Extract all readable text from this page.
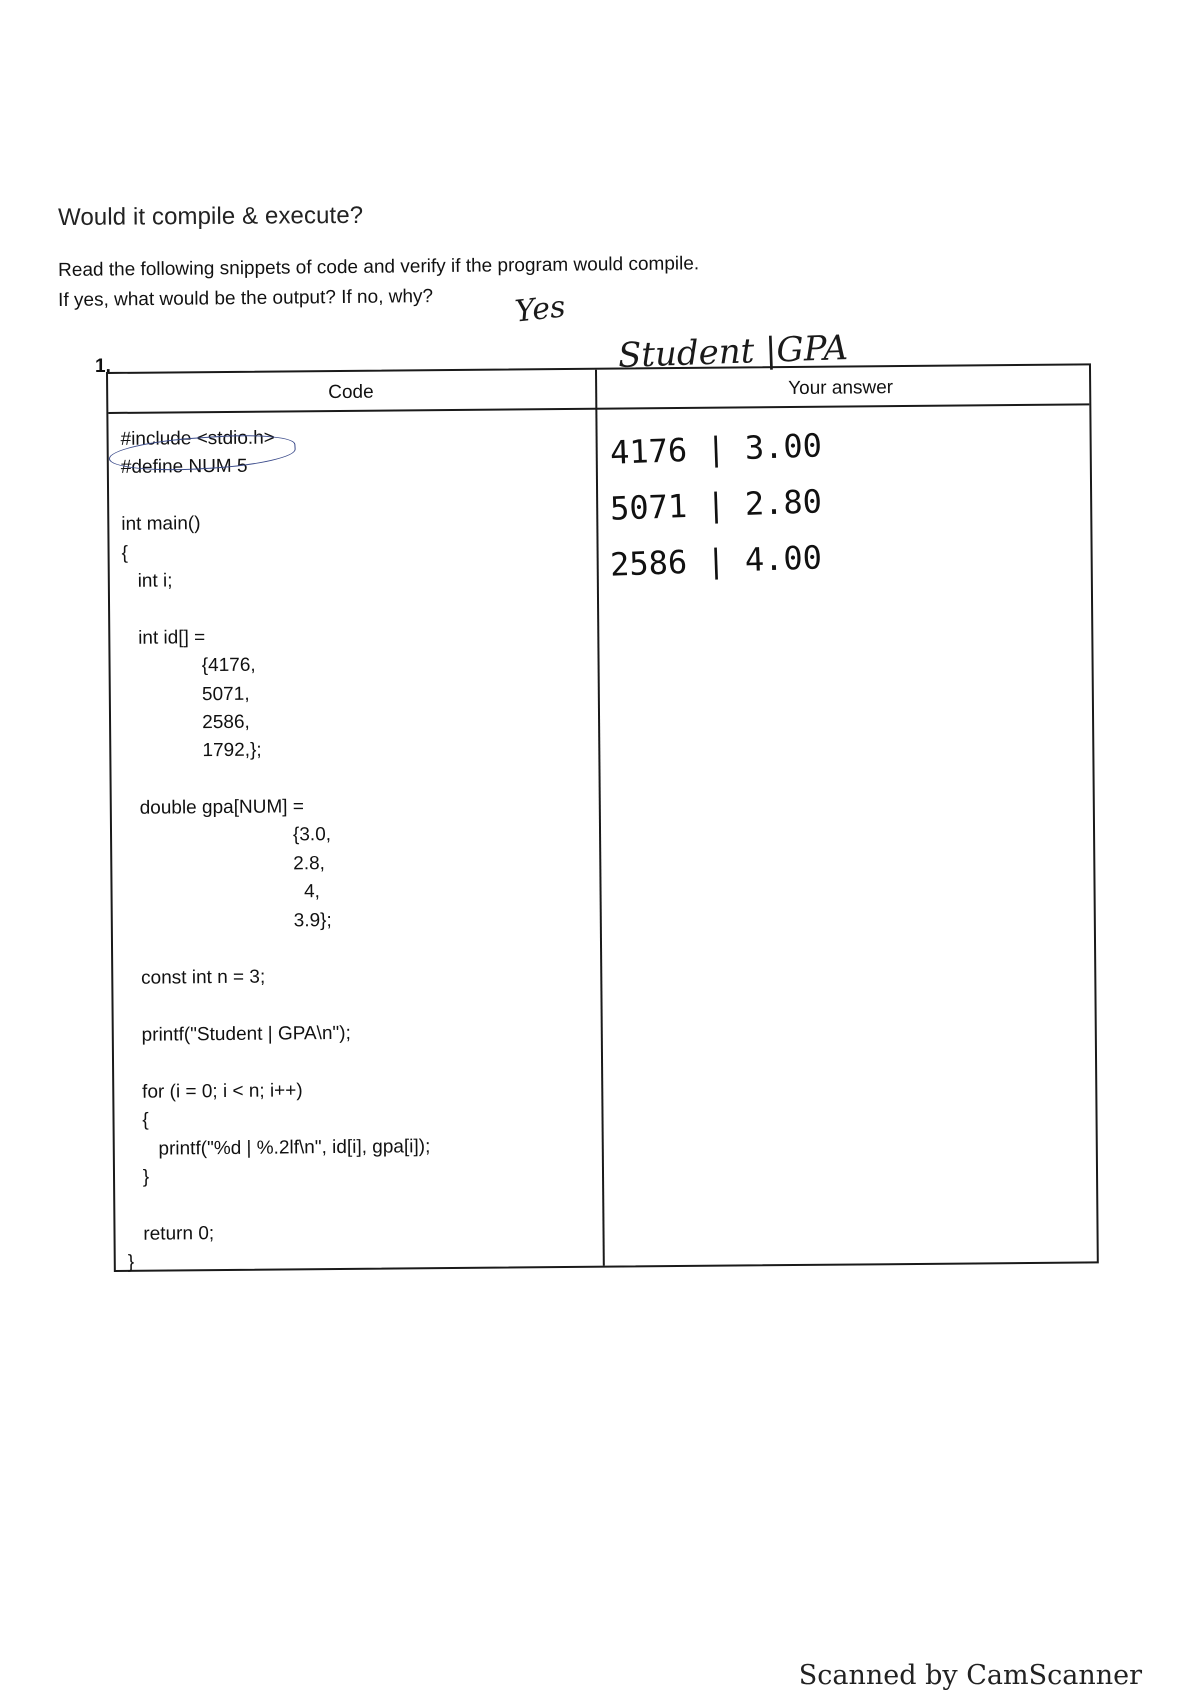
Would it compile & execute?
Read the following snippets of code and verify if the program would compile.
If yes, what would be the output? If no, why?	Yes
Student |GPA
1.
Code	Your answer
#include <stdio.h>
#define NUM 5
int main()
{
int i;
int id[] =
{4176,
5071,
2586,
1792,};
double gpa[NUM] =
{3.0,
2.8,
4,
3.9};
const int n = 3;
printf("Student | GPA\n");
for (i = 0; i < n; i++)
{
printf("%d | %.2lf\n", id[i], gpa[i]);
}
return 0;
}
4176 | 3.00
5071 | 2.80
2586 | 4.00
Scanned by CamScanner
